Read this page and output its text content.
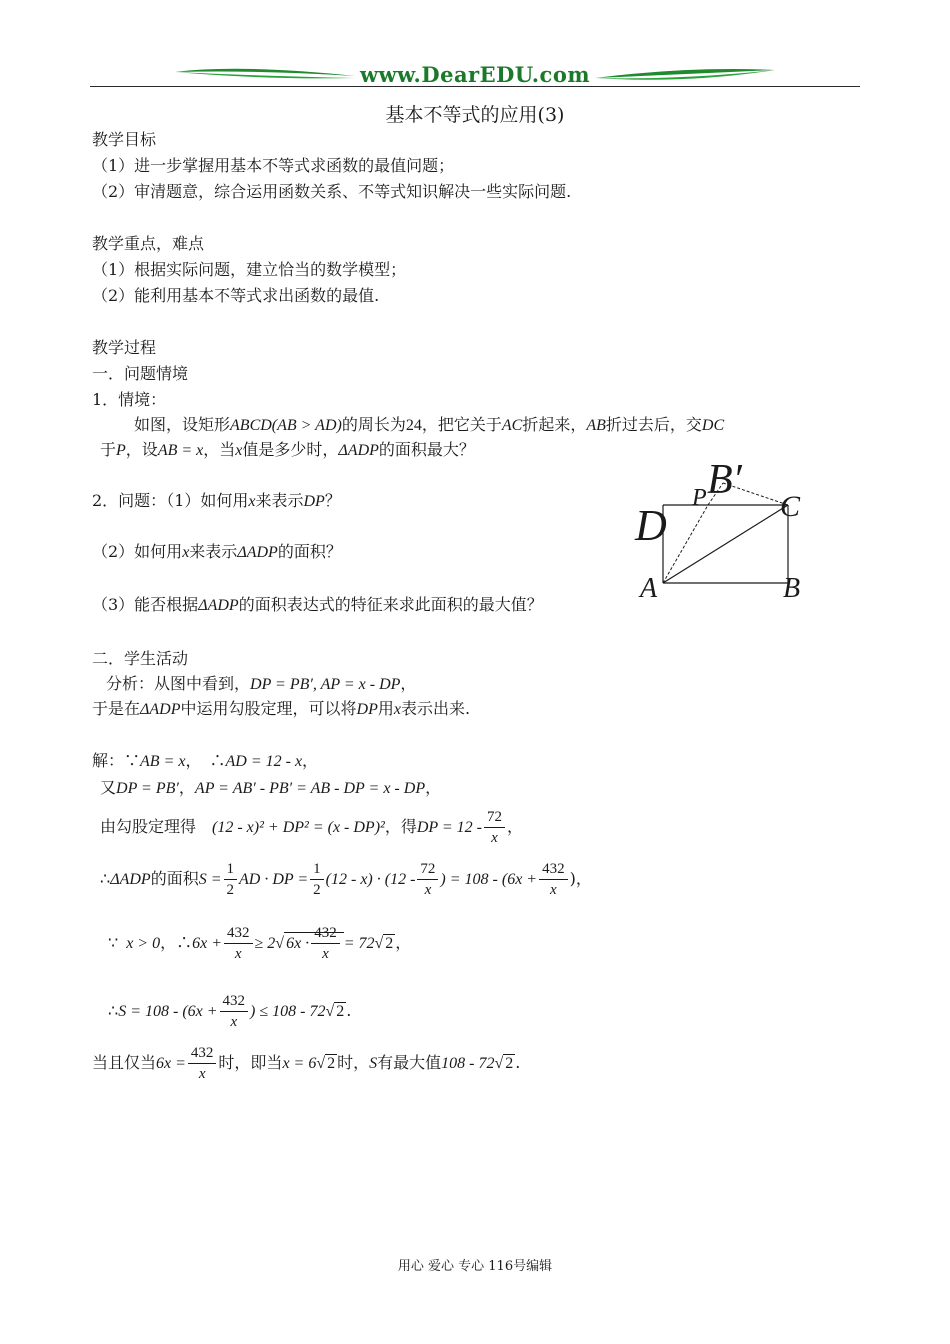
www.DearEDU.com
基本不等式的应用(3)
教学目标
（1）进一步掌握用基本不等式求函数的最值问题；
（2）审清题意，综合运用函数关系、不等式知识解决一些实际问题.
教学重点，难点
（1）根据实际问题，建立恰当的数学模型；
（2）能利用基本不等式求出函数的最值.
教学过程
一．问题情境
1．情境：
如图，设矩形ABCD(AB > AD)的周长为24，把它关于AC折起来，AB折过去后，交DC
于P，设AB = x，当x值是多少时，ΔADP的面积最大？
2．问题：（1）如何用x来表示DP？
（2）如何用x来表示ΔADP的面积？
（3）能否根据ΔADP的面积表达式的特征来求此面积的最大值？
D
A	B
C
P B′
二．学生活动
分析：从图中看到，DP = PB′, AP = x - DP，
于是在ΔADP中运用勾股定理，可以将DP用x表示出来.
解：∵AB = x，　∴AD = 12 - x，
又DP = PB′，AP = AB′ - PB′ = AB - DP = x - DP，
由勾股定理得  (12 - x)² + DP² = (x - DP)²，得DP = $12 - \frac{72}{x}$ ，
∴ΔADP的面积$S = \frac{1}{2}$ AD · DP = $\frac{1}{2} (12 - x) \cdot (12 - \frac{72}{x}$ ) = $108 - (6x + \frac{432}{x}$ )，
∵  x > 0，∴6x + $\frac{432}{x} \ge 2√$ $6x \cdot \frac{432}{x} = 72√$ 2 ，
∴S = $108 - (6x + \frac{432}{x}$ ) ≤ 108 - 72√ 2 .
当且仅当$6x = \frac{432}{x}$ 时，即当x = 6√ 2 时，S有最大值108 - 72√ 2 .
用心 爱心 专心 116号编辑
